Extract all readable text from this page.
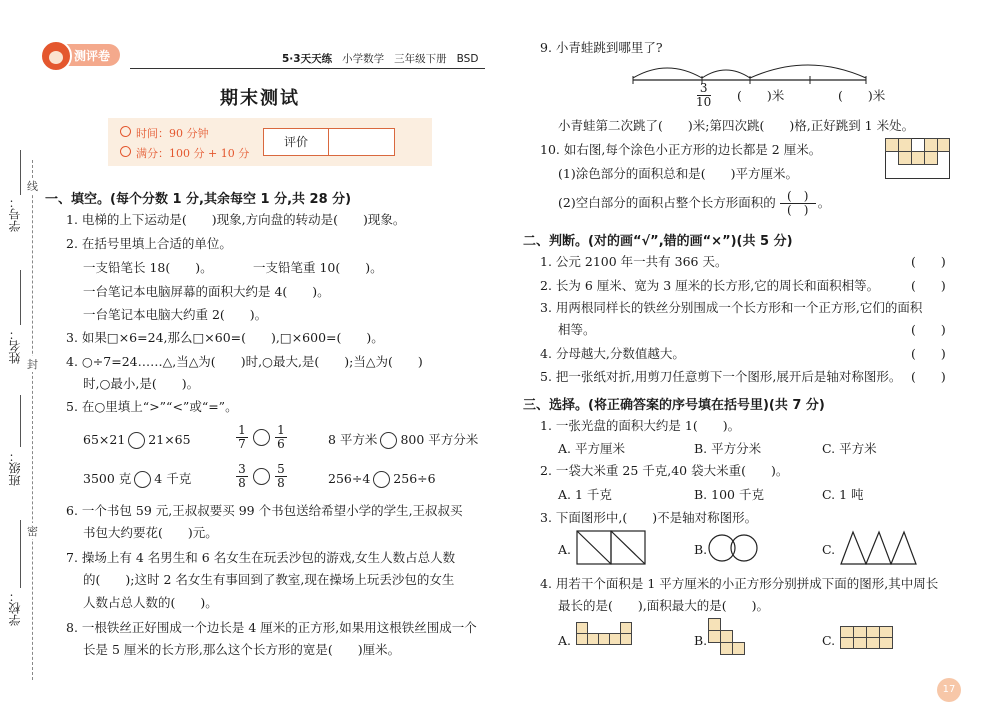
学号：
姓名：
班级：
学校：
线
封
密
测评卷	5·3天天练 小学数学 三年级下册 BSD
期末测试
时间：90 分钟
满分：100 分 + 10 分
评价
一、填空。(每个分数 1 分,其余每空 1 分,共 28 分)
1. 电梯的上下运动是(　　)现象,方向盘的转动是(　　)现象。
2. 在括号里填上合适的单位。
一支铅笔长 18(　　)。	一支铅笔重 10(　　)。
一台笔记本电脑屏幕的面积大约是 4(　　)。
一台笔记本电脑大约重 2(　　)。
3. 如果□×6=24,那么□×60=(　　),□×600=(　　)。
4. ○÷7=24……△,当△为(　　)时,○最大,是(　　);当△为(　　)
时,○最小,是(　　)。
5. 在○里填上“>”“<”或“=”。
65×21 21×65	$\frac{1}{7} \frac{1}{6}$	8 平方米 800 平方分米
3500 克 4 千克	$\frac{3}{8} \frac{5}{8}$	256÷4 256÷6
6. 一个书包 59 元,王叔叔要买 99 个书包送给希望小学的学生,王叔叔买
书包大约要花(　　)元。
7. 操场上有 4 名男生和 6 名女生在玩丢沙包的游戏,女生人数占总人数
的(　　);这时 2 名女生有事回到了教室,现在操场上玩丢沙包的女生
人数占总人数的(　　)。
8. 一根铁丝正好围成一个边长是 4 厘米的正方形,如果用这根铁丝围成一个
长是 5 厘米的长方形,那么这个长方形的宽是(　　)厘米。
9. 小青蛙跳到哪里了?
$\frac{3}{10}$ (　　)米	(　　)米
小青蛙第二次跳了(　　)米;第四次跳(　　)格,正好跳到 1 米处。
10. 如右图,每个涂色小正方形的边长都是 2 厘米。
(1)涂色部分的面积总和是(　　)平方厘米。
(2)空白部分的面积占整个长方形面积的 $\frac{( )}{( )}$ 。
二、判断。(对的画“√”,错的画“×”)(共 5 分)
1. 公元 2100 年一共有 366 天。	(　　)
2. 长为 6 厘米、宽为 3 厘米的长方形,它的周长和面积相等。	(　　)
3. 用两根同样长的铁丝分别围成一个长方形和一个正方形,它们的面积
相等。	(　　)
4. 分母越大,分数值越大。	(　　)
5. 把一张纸对折,用剪刀任意剪下一个图形,展开后是轴对称图形。 (　　)
三、选择。(将正确答案的序号填在括号里)(共 7 分)
1. 一张光盘的面积大约是 1(　　)。
A. 平方厘米	B. 平方分米	C. 平方米
2. 一袋大米重 25 千克,40 袋大米重(　　)。
A. 1 千克	B. 100 千克	C. 1 吨
3. 下面图形中,(　　)不是轴对称图形。
A.	B.	C.
4. 用若干个面积是 1 平方厘米的小正方形分别拼成下面的图形,其中周长
最长的是(　　),面积最大的是(　　)。
A.	B.	C.
17
